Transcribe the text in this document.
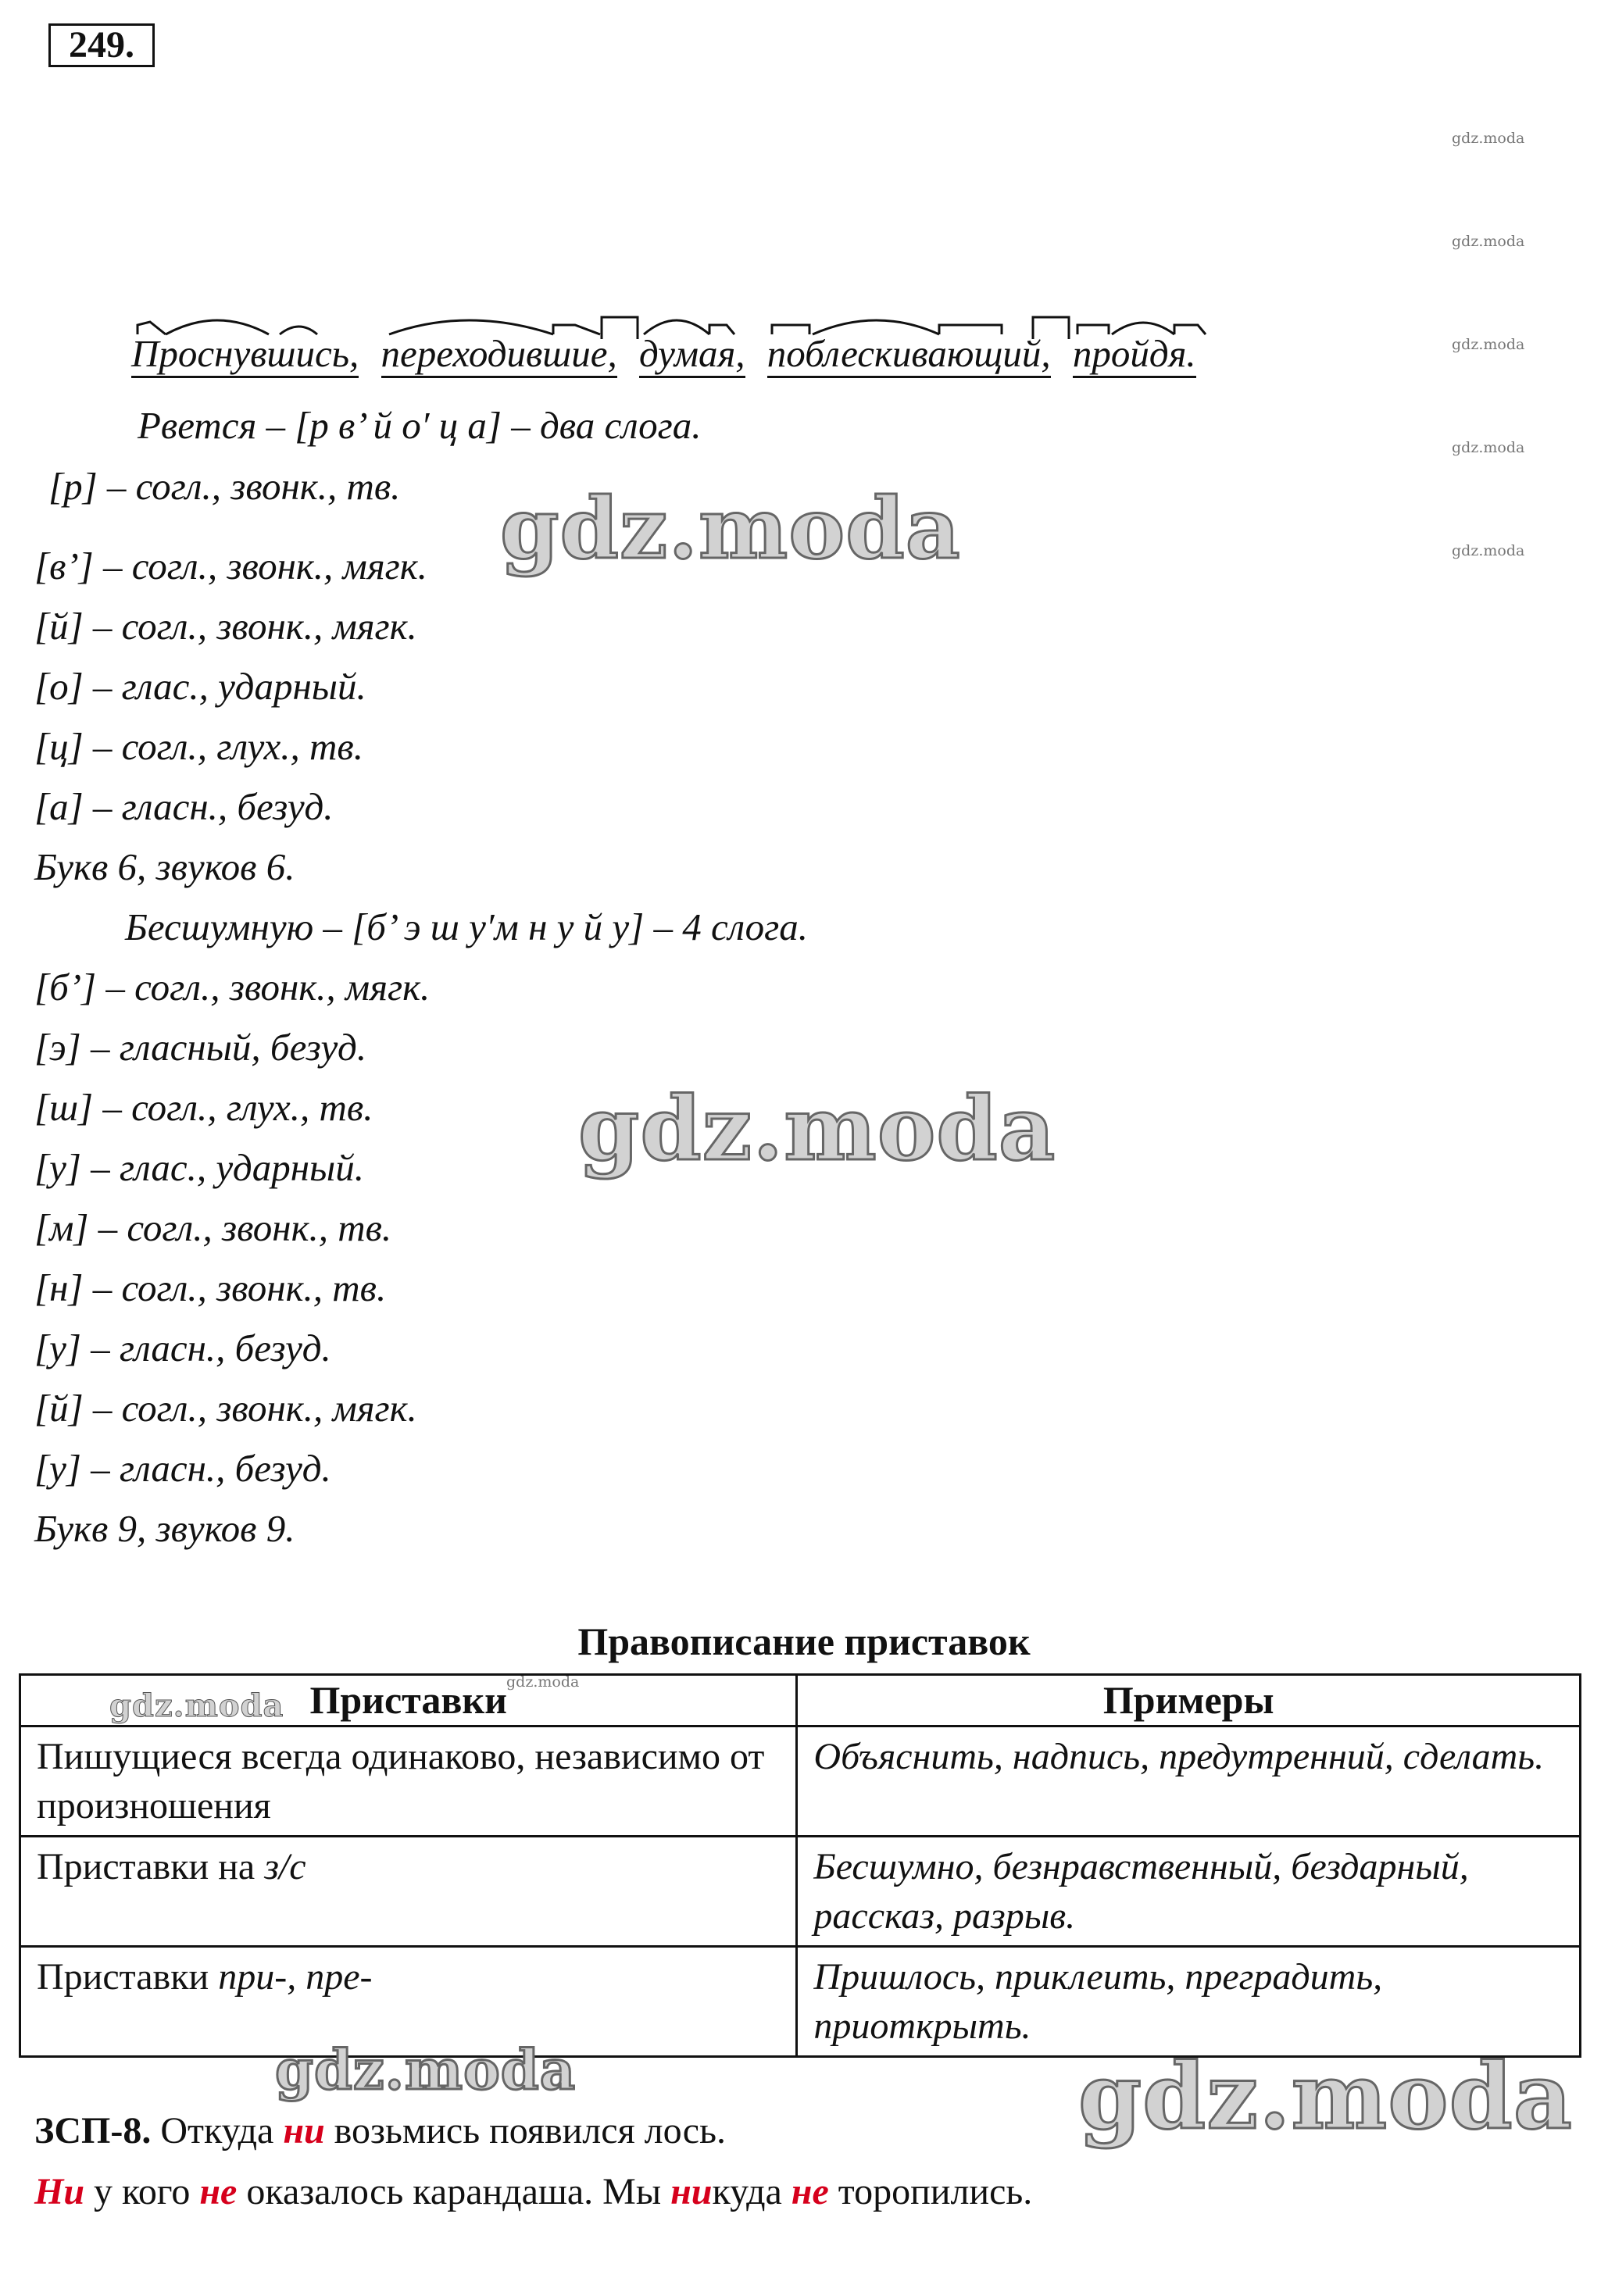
249.
gdz.moda
gdz.moda
gdz.moda
gdz.moda
gdz.moda
Проснувшись, переходившие, думая, поблескивающий, пройдя.
Рвется – [р в’ й о′ ц а] – два слога.
[р] – согл., звонк., тв.
[в’] – согл., звонк., мягк.
[й] – согл., звонк., мягк.
[о] – глас., ударный.
[ц] – согл., глух., тв.
[а] – гласн., безуд.
Букв 6, звуков 6.
Бесшумную – [б’ э ш у′м н у й у] – 4 слога.
[б’] – согл., звонк., мягк.
[э] – гласный, безуд.
[ш] – согл., глух., тв.
[у] – глас., ударный.
[м] – согл., звонк., тв.
[н] – согл., звонк., тв.
[у] – гласн., безуд.
[й] – согл., звонк., мягк.
[у] – гласн., безуд.
Букв 9, звуков 9.
gdz.moda
gdz.moda
Правописание приставок
Приставки	Примеры
Пишущиеся всегда одинаково, независимо от произношения	Объяснить, надпись, предутренний, сделать.
Приставки на з/с	Бесшумно, безнравственный, бездарный, рассказ, разрыв.
Приставки при-, пре-	Пришлось, приклеить, преградить, приоткрыть.
gdz.moda
gdz.moda
gdz.moda	gdz.moda
ЗСП-8. Откуда ни возьмись появился лось.
Ни у кого не оказалось карандаша. Мы никуда не торопились.
